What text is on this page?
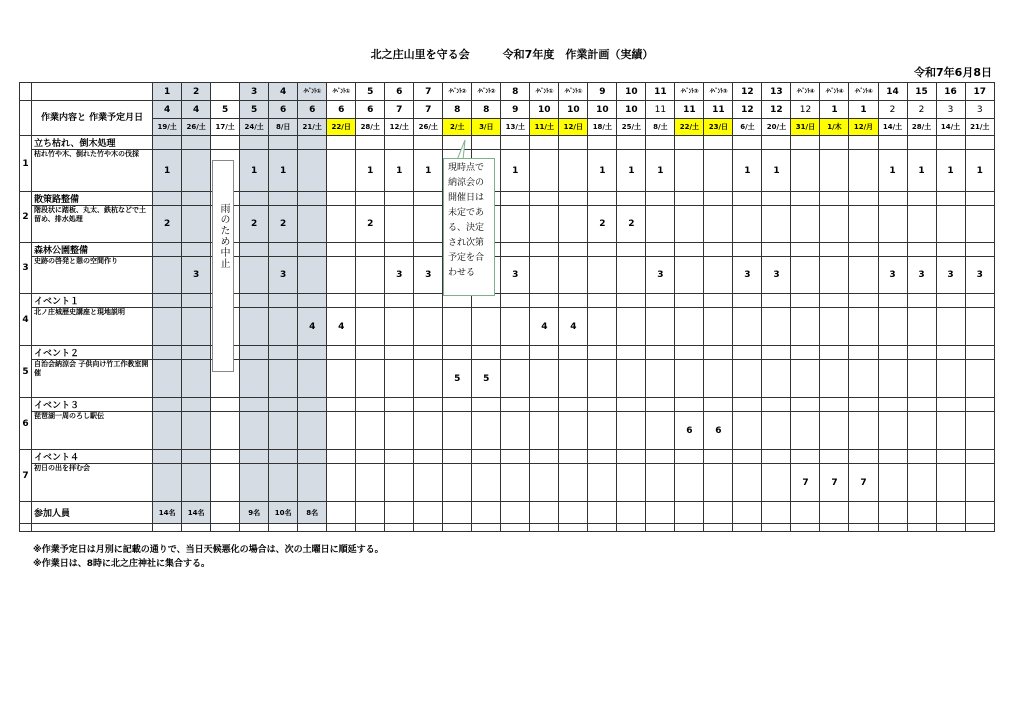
北之庄山里を守る会　　　令和7年度　作業計画（実績）
令和7年6月8日
		1	2		3	4	ｲﾍﾞﾝﾄ①	ｲﾍﾞﾝﾄ①	5	6	7	ｲﾍﾞﾝﾄ②	ｲﾍﾞﾝﾄ②	8	ｲﾍﾞﾝﾄ①	ｲﾍﾞﾝﾄ①	9	10	11	ｲﾍﾞﾝﾄ③	ｲﾍﾞﾝﾄ③	12	13	ｲﾍﾞﾝﾄ④	ｲﾍﾞﾝﾄ④	ｲﾍﾞﾝﾄ④	14	15	16	17
	作業内容と 作業予定月日	4	4	5	5	6	6	6	6	7	7	8	8	9	10	10	10	10	11	11	11	12	12	12	1	1	2	2	3	3
		19/土	26/土	17/土	24/土	8/日	21/土	22/日	28/土	12/土	26/土	2/土	3/日	13/土	11/土	12/日	18/土	25/土	8/土	22/土	23/日	6/土	20/土	31/日	1/木	12/月	14/土	28/土	14/土	21/土
1	立ち枯れ、倒木処理																													
	枯れ竹や木、倒れた竹や木の伐採	1			1	1			1	1	1			1			1	1	1			1	1				1	1	1	1
2	散策路整備																													
	階段状に踏板、丸太、鉄杭などで土留め、排水処理	2			2	2			2								2	2												
3	森林公園整備																													
	史跡の啓発と憩の空間作り		3			3				3	3			3					3			3	3				3	3	3	3
4	イベント１																													
	北ノ庄城歴史講座と現地説明						4	4							4	4														
5	イベント２																													
	自治会納涼会 子供向け竹工作教室開催											5	5																	
6	イベント３																													
	琵琶湖一周のろし駅伝																			6	6									
7	イベント４																													
	初日の出を拝む会																							7	7	7				
	参加人員	14名	14名		9名	10名	8名																							

雨のため中止
現時点で納涼会の開催日は未定である、決定され次第予定を合わせる
※作業予定日は月別に記載の通りで、当日天候悪化の場合は、次の土曜日に順延する。
※作業日は、8時に北之庄神社に集合する。
